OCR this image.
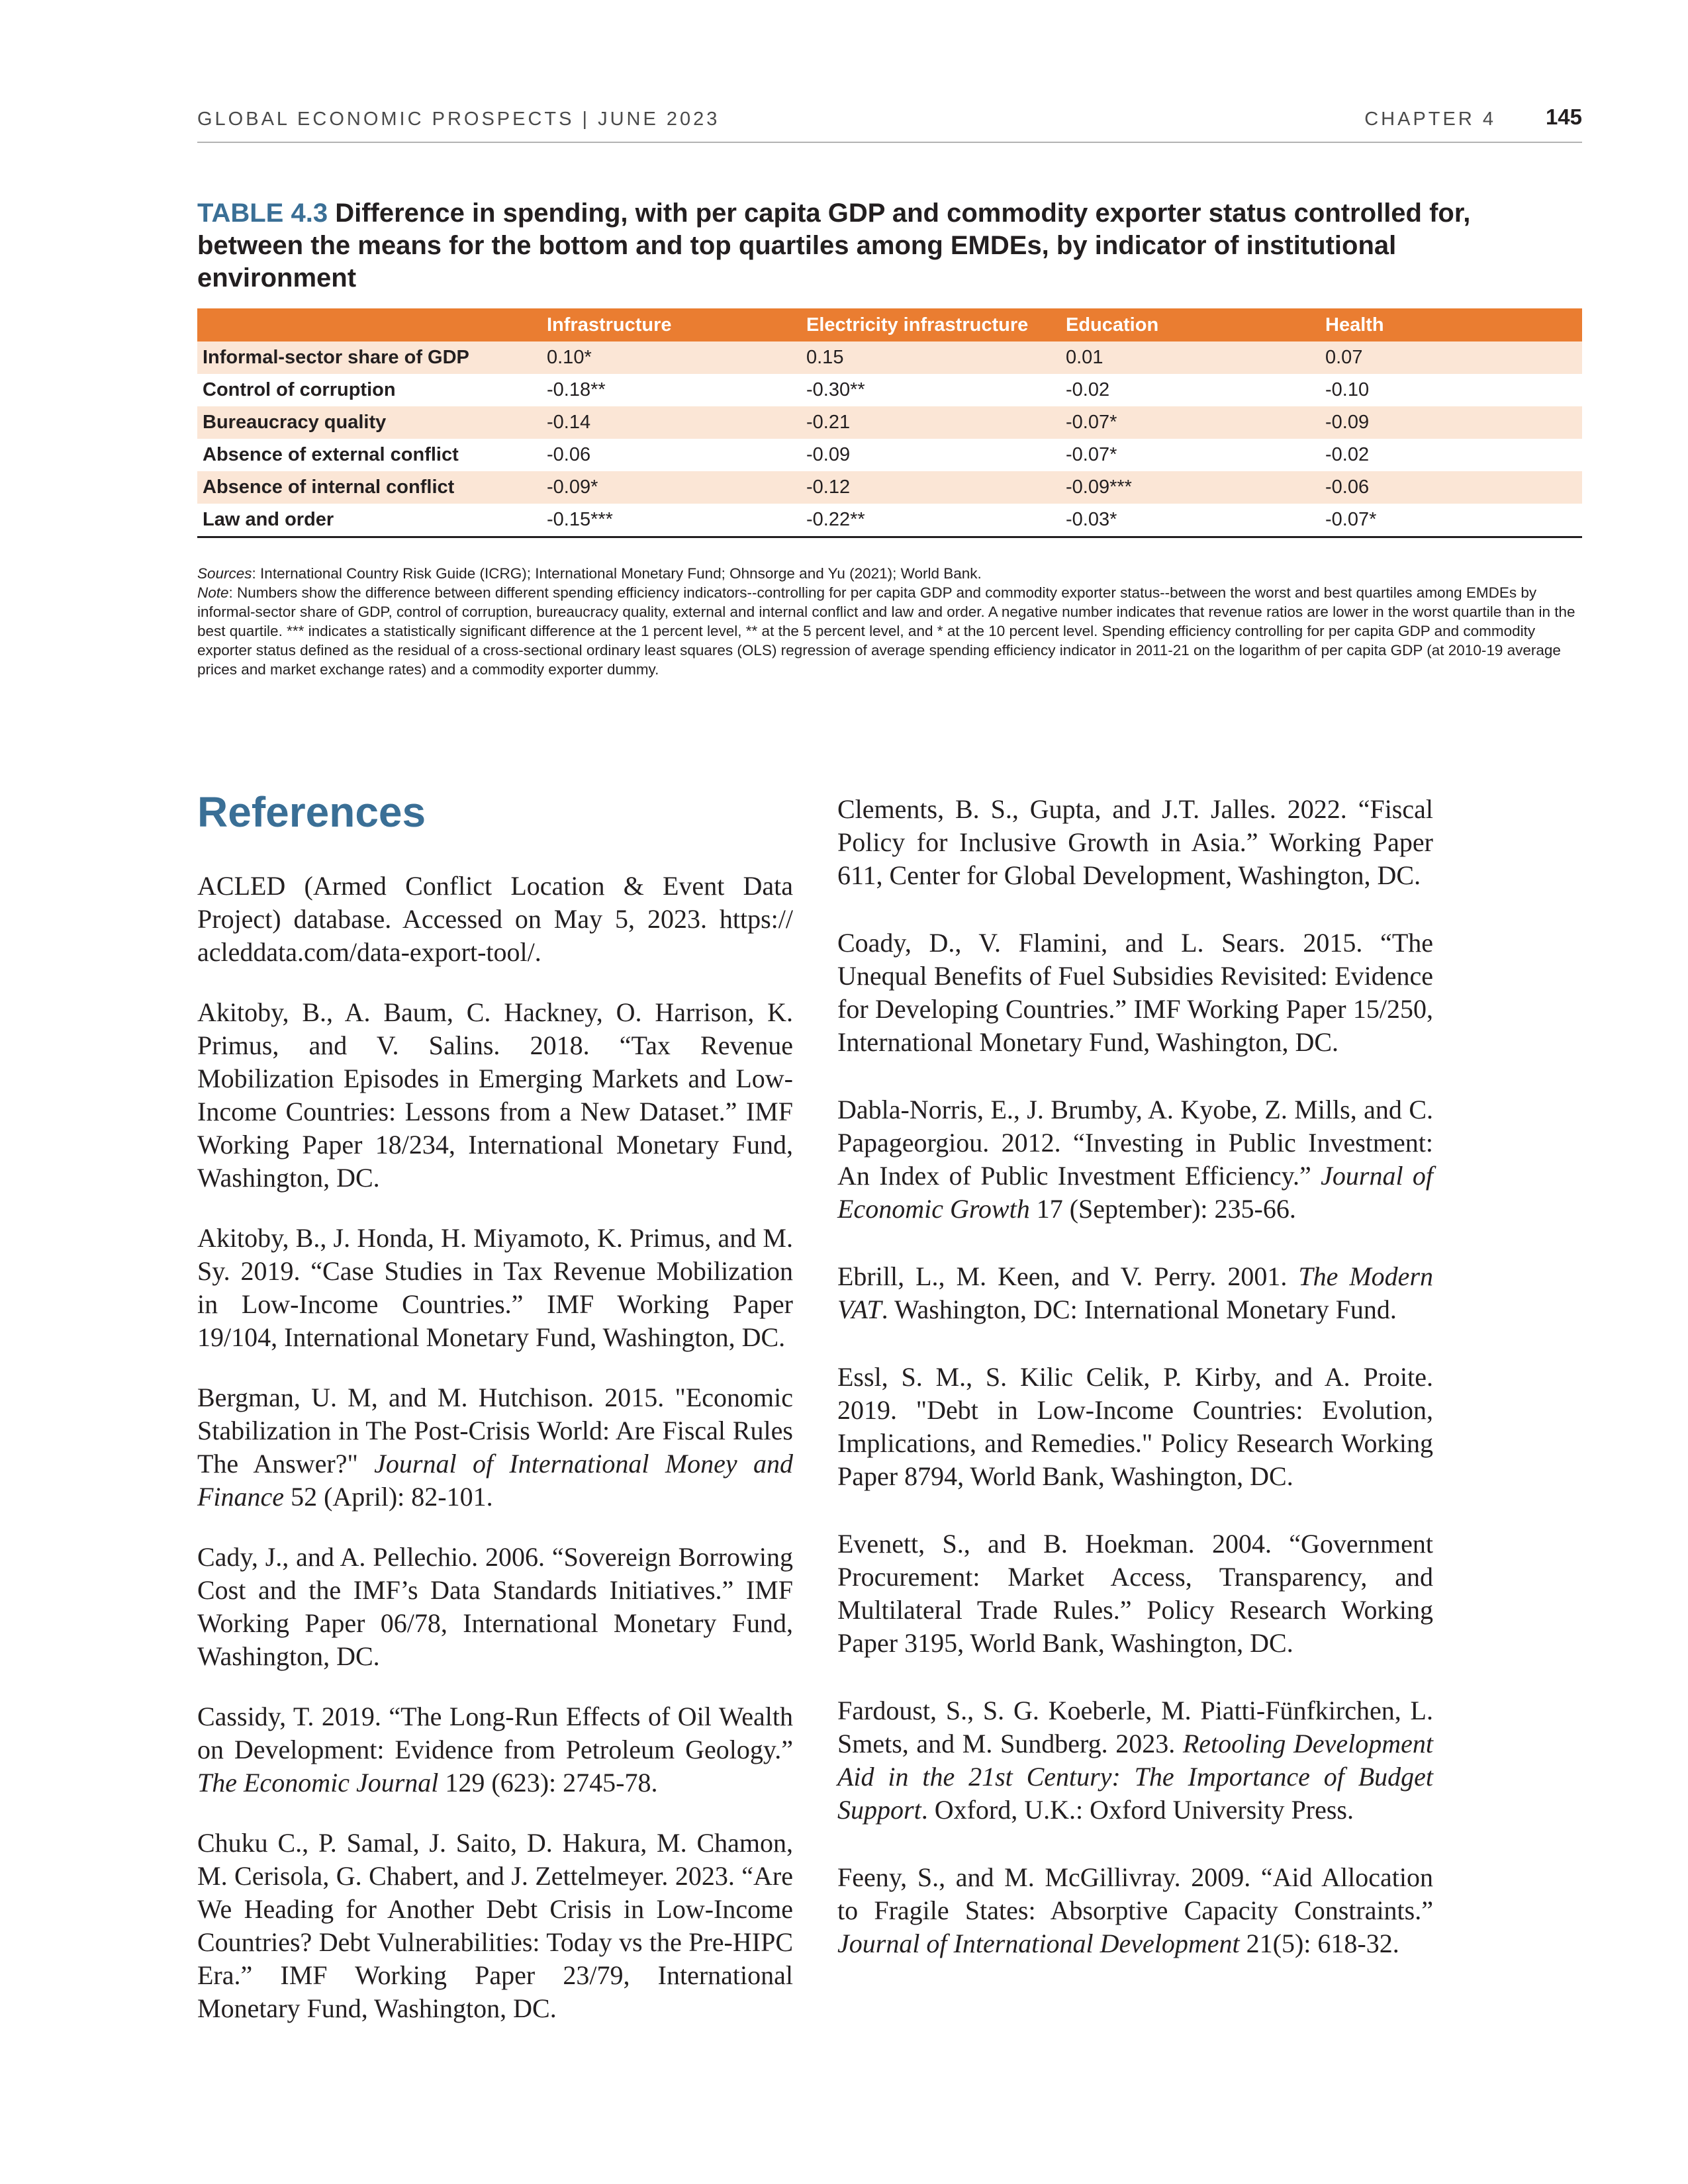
GLOBAL ECONOMIC PROSPECTS | JUNE 2023	CHAPTER 4 145
TABLE 4.3 Difference in spending, with per capita GDP and commodity exporter status controlled for, between the means for the bottom and top quartiles among EMDEs, by indicator of institutional environment
	Infrastructure	Electricity infrastructure	Education	Health
Informal-sector share of GDP	0.10*	0.15	0.01	0.07
Control of corruption	-0.18**	-0.30**	-0.02	-0.10
Bureaucracy quality	-0.14	-0.21	-0.07*	-0.09
Absence of external conflict	-0.06	-0.09	-0.07*	-0.02
Absence of internal conflict	-0.09*	-0.12	-0.09***	-0.06
Law and order	-0.15***	-0.22**	-0.03*	-0.07*

Sources: International Country Risk Guide (ICRG); International Monetary Fund; Ohnsorge and Yu (2021); World Bank.

Note: Numbers show the difference between different spending efficiency indicators--controlling for per capita GDP and commodity exporter status--between the worst and best quartiles among EMDEs by informal-sector share of GDP, control of corruption, bureaucracy quality, external and internal conflict and law and order. A negative number indicates that revenue ratios are lower in the worst quartile than in the best quartile. *** indicates a statistically significant difference at the 1 percent level, ** at the 5 percent level, and * at the 10 percent level. Spending efficiency controlling for per capita GDP and commodity exporter status defined as the residual of a cross-sectional ordinary least squares (OLS) regression of average spending efficiency indicator in 2011-21 on the logarithm of per capita GDP (at 2010-19 average prices and market exchange rates) and a commodity exporter dummy.

References

ACLED (Armed Conflict Location & Event Data Project) database. Accessed on May 5, 2023. https:// acleddata.com/data-export-tool/.

Akitoby, B., A. Baum, C. Hackney, O. Harrison, K. Primus, and V. Salins. 2018. “Tax Revenue Mobilization Episodes in Emerging Markets and Low-Income Countries: Lessons from a New Dataset.” IMF Working Paper 18/234, International Monetary Fund, Washington, DC.

Akitoby, B., J. Honda, H. Miyamoto, K. Primus, and M. Sy. 2019. “Case Studies in Tax Revenue Mobilization in Low-Income Countries.” IMF Working Paper 19/104, International Monetary Fund, Washington, DC.

Bergman, U. M, and M. Hutchison. 2015. "Economic Stabilization in The Post-Crisis World: Are Fiscal Rules The Answer?" Journal of International Money and Finance 52 (April): 82-101.

Cady, J., and A. Pellechio. 2006. “Sovereign Borrowing Cost and the IMF’s Data Standards Initiatives.” IMF Working Paper 06/78, International Monetary Fund, Washington, DC.

Cassidy, T. 2019. “The Long-Run Effects of Oil Wealth on Development: Evidence from Petroleum Geology.” The Economic Journal 129 (623): 2745-78.

Chuku C., P. Samal, J. Saito, D. Hakura, M. Chamon, M. Cerisola, G. Chabert, and J. Zettelmeyer. 2023. “Are We Heading for Another Debt Crisis in Low-Income Countries? Debt Vulnerabilities: Today vs the Pre-HIPC Era.” IMF Working Paper 23/79, International Monetary Fund, Washington, DC.

Clements, B. S., Gupta, and J.T. Jalles. 2022. “Fiscal Policy for Inclusive Growth in Asia.” Working Paper 611, Center for Global Development, Washington, DC.

Coady, D., V. Flamini, and L. Sears. 2015. “The Unequal Benefits of Fuel Subsidies Revisited: Evidence for Developing Countries.” IMF Working Paper 15/250, International Monetary Fund, Washington, DC.

Dabla-Norris, E., J. Brumby, A. Kyobe, Z. Mills, and C. Papageorgiou. 2012. “Investing in Public Investment: An Index of Public Investment Efficiency.” Journal of Economic Growth 17 (September): 235-66.

Ebrill, L., M. Keen, and V. Perry. 2001. The Modern VAT. Washington, DC: International Monetary Fund.

Essl, S. M., S. Kilic Celik, P. Kirby, and A. Proite. 2019. "Debt in Low-Income Countries: Evolution, Implications, and Remedies." Policy Research Working Paper 8794, World Bank, Washington, DC.

Evenett, S., and B. Hoekman. 2004. “Government Procurement: Market Access, Transparency, and Multilateral Trade Rules.” Policy Research Working Paper 3195, World Bank, Washington, DC.

Fardoust, S., S. G. Koeberle, M. Piatti-Fünfkirchen, L. Smets, and M. Sundberg. 2023. Retooling Development Aid in the 21st Century: The Importance of Budget Support. Oxford, U.K.: Oxford University Press.

Feeny, S., and M. McGillivray. 2009. “Aid Allocation to Fragile States: Absorptive Capacity Constraints.” Journal of International Development 21(5): 618-32.
